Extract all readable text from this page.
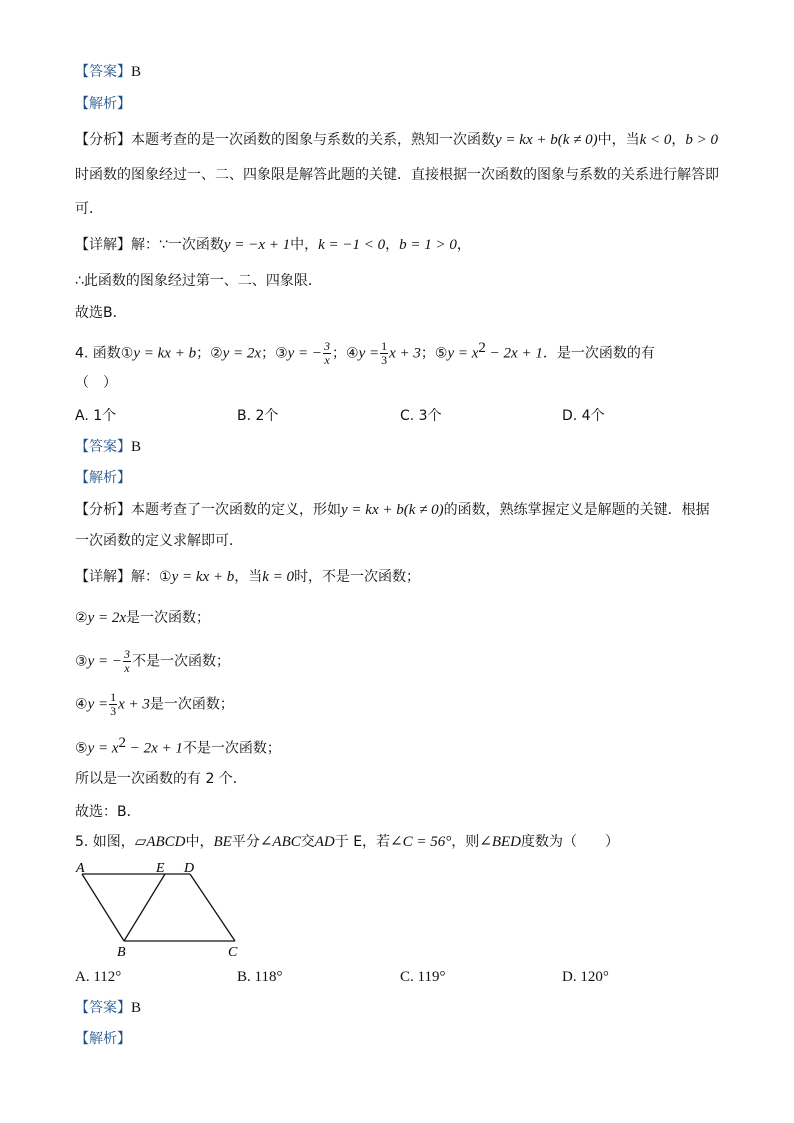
【答案】B
【解析】
【分析】本题考查的是一次函数的图象与系数的关系，熟知一次函数y = kx + b(k ≠ 0)中，当k < 0，b > 0
时函数的图象经过一、二、四象限是解答此题的关键．直接根据一次函数的图象与系数的关系进行解答即
可．
【详解】解：∵一次函数y = −x + 1中，k = −1 < 0，b = 1 > 0，
∴此函数的图象经过第一、二、四象限．
故选B．
4. 函数①y = kx + b；②y = 2x；③y = − $\frac{3}{x}$ ；④y = $\frac{1}{3}$ x + 3；⑤y = $x^2 - 2x + 1$．是一次函数的有
（　）
A. 1个	B. 2个	C. 3个	D. 4个
【答案】B
【解析】
【分析】本题考查了一次函数的定义，形如y = kx + b(k ≠ 0)的函数，熟练掌握定义是解题的关键．根据
一次函数的定义求解即可．
【详解】解：①y = kx + b，当k = 0时，不是一次函数；
②y = 2x是一次函数；
③y = − $\frac{3}{x}$ 不是一次函数；
④y = $\frac{1}{3}$ x + 3是一次函数；
⑤y = $x^2 - 2x + 1$不是一次函数；
所以是一次函数的有 2 个．
故选：B．
5. 如图，▱ABCD中，BE平分∠ABC交AD于 E，若∠C = 56°，则∠BED度数为（　　）
A	E D
B	C
A. 112°	B. 118°	C. 119°	D. 120°
【答案】B
【解析】
